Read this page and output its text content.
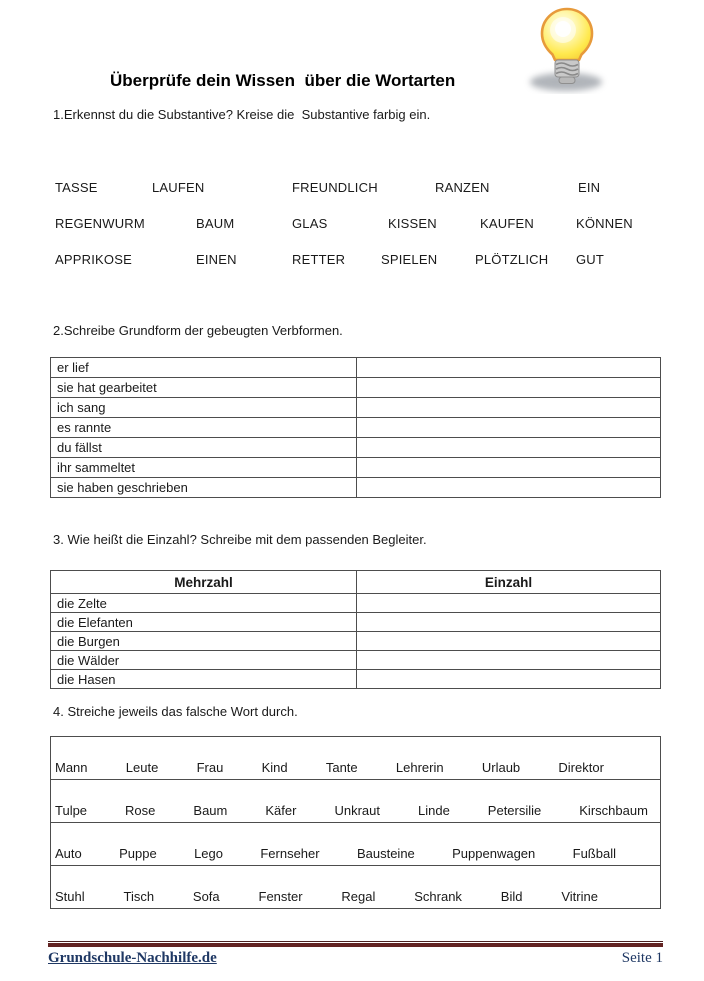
Überprüfe dein Wissen  über die Wortarten
1.Erkennst du die Substantive? Kreise die  Substantive farbig ein.
TASSE	LAUFEN	FREUNDLICH	RANZEN	EIN
REGENWURM	BAUM	GLAS	KISSEN	KAUFEN	KÖNNEN
APPRIKOSE	EINEN	RETTER	SPIELEN	PLÖTZLICH GUT
2.Schreibe Grundform der gebeugten Verbformen.
er lief	
sie hat gearbeitet	
ich sang	
es rannte	
du fällst	
ihr sammeltet	
sie haben geschrieben	
3. Wie heißt die Einzahl? Schreibe mit dem passenden Begleiter.
Mehrzahl	Einzahl
die Zelte	
die Elefanten	
die Burgen	
die Wälder	
die Hasen	
4. Streiche jeweils das falsche Wort durch.
Mann	Leute	Frau	Kind	Tante	Lehrerin	Urlaub	Direktor

Tulpe	Rose	Baum	Käfer	Unkraut	Linde	Petersilie	Kirschbaum

Auto	Puppe	Lego	Fernseher	Bausteine	Puppenwagen	Fußball

Stuhl	Tisch	Sofa	Fenster	Regal	Schrank	Bild	Vitrine
Grundschule-Nachhilfe.de	Seite 1
